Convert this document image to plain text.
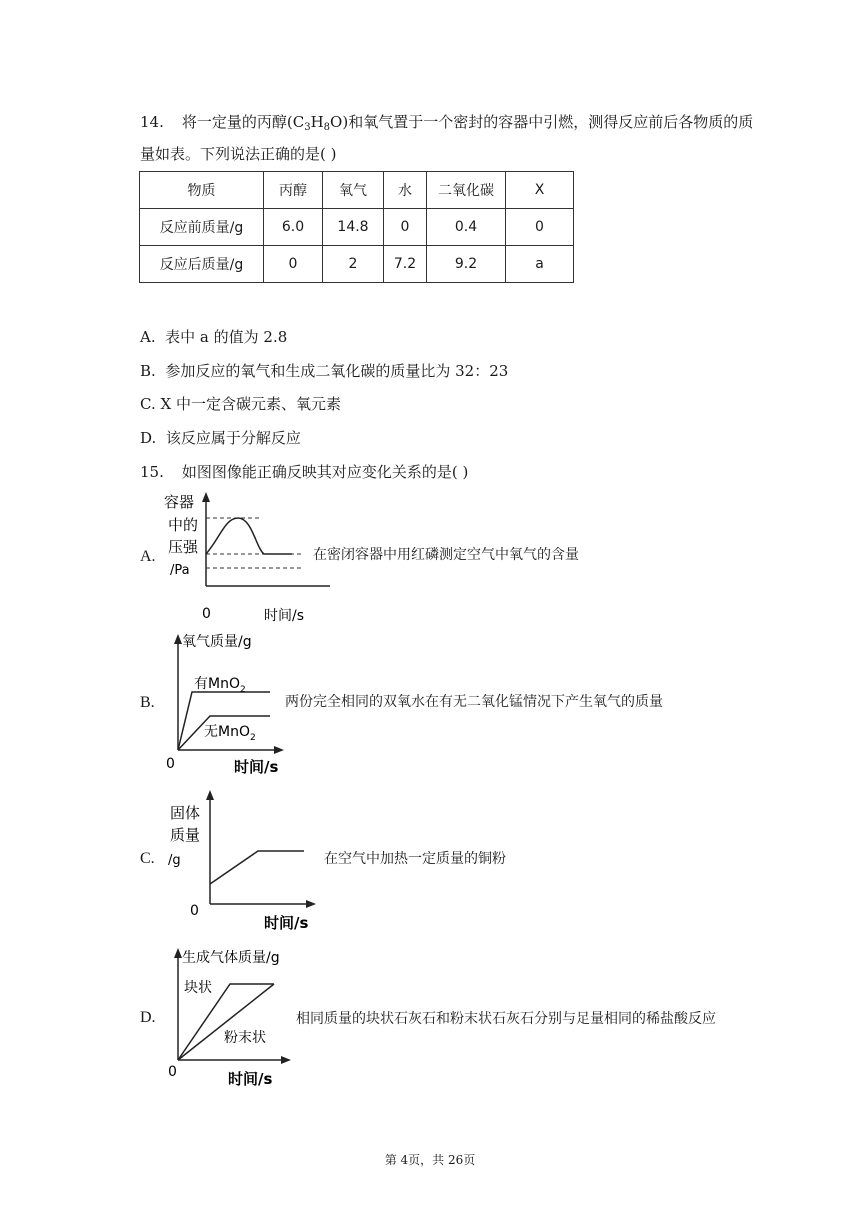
14. 将一定量的丙醇$(C_3H_8O)$和氧气置于一个密封的容器中引燃，测得反应前后各物质的质
量如表。下列说法正确的是( )
物质	丙醇	氧气	水	二氧化碳	X
反应前质量/g	6.0	14.8	0	0.4	0
反应后质量/g	0	2	7.2	9.2	a
A. 表中 a 的值为 2.8
B. 参加反应的氧气和生成二氧化碳的质量比为 32：23
C. X 中一定含碳元素、氧元素
D. 该反应属于分解反应
15. 如图图像能正确反映其对应变化关系的是( )
A.
容器
中的
压强
/Pa
0	时间/s
在密闭容器中用红磷测定空气中氧气的含量
B.
氧气质量/g
有MnO$_2$
无MnO$_2$
0	时间/s
两份完全相同的双氧水在有无二氧化锰情况下产生氧气的质量
C.
固体
质量
/g
0
时间/s
在空气中加热一定质量的铜粉
D.
生成气体质量/g
块状
粉末状
0	时间/s
相同质量的块状石灰石和粉末状石灰石分别与足量相同的稀盐酸反应
第 4页，共 26页
